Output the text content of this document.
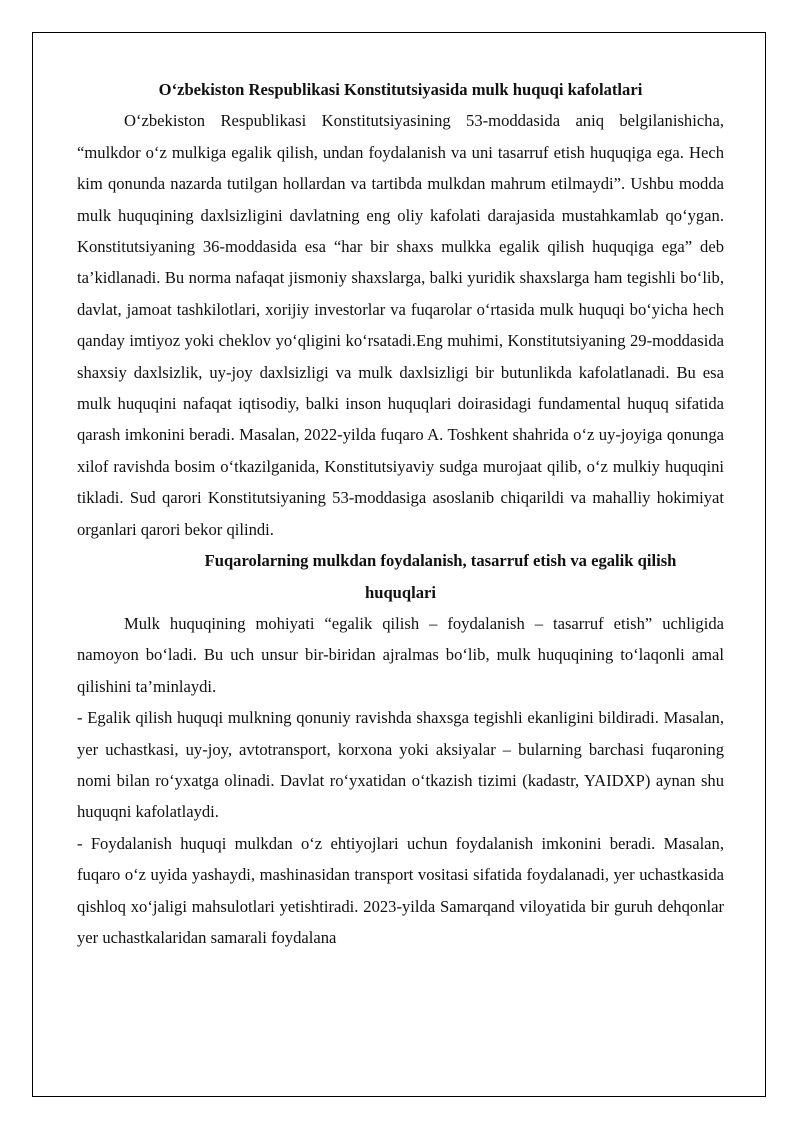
O‘zbekiston Respublikasi Konstitutsiyasida mulk huquqi kafolatlari

O‘zbekiston Respublikasi Konstitutsiyasining 53-moddasida aniq belgilanishicha, “mulkdor o‘z mulkiga egalik qilish, undan foydalanish va uni tasarruf etish huquqiga ega. Hech kim qonunda nazarda tutilgan hollardan va tartibda mulkdan mahrum etilmaydi”. Ushbu modda mulk huquqining daxlsizligini davlatning eng oliy kafolati darajasida mustahkamlab qo‘ygan. Konstitutsiyaning 36-moddasida esa “har bir shaxs mulkka egalik qilish huquqiga ega” deb ta’kidlanadi. Bu norma nafaqat jismoniy shaxslarga, balki yuridik shaxslarga ham tegishli bo‘lib, davlat, jamoat tashkilotlari, xorijiy investorlar va fuqarolar o‘rtasida mulk huquqi bo‘yicha hech qanday imtiyoz yoki cheklov yo‘qligini ko‘rsatadi.Eng muhimi, Konstitutsiyaning 29-moddasida shaxsiy daxlsizlik, uy-joy daxlsizligi va mulk daxlsizligi bir butunlikda kafolatlanadi. Bu esa mulk huquqini nafaqat iqtisodiy, balki inson huquqlari doirasidagi fundamental huquq sifatida qarash imkonini beradi. Masalan, 2022-yilda fuqaro A. Toshkent shahrida o‘z uy-joyiga qonunga xilof ravishda bosim o‘tkazilganida, Konstitutsiyaviy sudga murojaat qilib, o‘z mulkiy huquqini tikladi. Sud qarori Konstitutsiyaning 53-moddasiga asoslanib chiqarildi va mahalliy hokimiyat organlari qarori bekor qilindi.

Fuqarolarning mulkdan foydalanish, tasarruf etish va egalik qilish
huquqlari

Mulk huquqining mohiyati “egalik qilish – foydalanish – tasarruf etish” uchligida namoyon bo‘ladi. Bu uch unsur bir-biridan ajralmas bo‘lib, mulk huquqining to‘laqonli amal qilishini ta’minlaydi.

- Egalik qilish huquqi mulkning qonuniy ravishda shaxsga tegishli ekanligini bildiradi. Masalan, yer uchastkasi, uy-joy, avtotransport, korxona yoki aksiyalar – bularning barchasi fuqaroning nomi bilan ro‘yxatga olinadi. Davlat ro‘yxatidan o‘tkazish tizimi (kadastr, YAIDXP) aynan shu huquqni kafolatlaydi.

- Foydalanish huquqi mulkdan o‘z ehtiyojlari uchun foydalanish imkonini beradi. Masalan, fuqaro o‘z uyida yashaydi, mashinasidan transport vositasi sifatida foydalanadi, yer uchastkasida qishloq xo‘jaligi mahsulotlari yetishtiradi. 2023-yilda Samarqand viloyatida bir guruh dehqonlar yer uchastkalaridan samarali foydalana
